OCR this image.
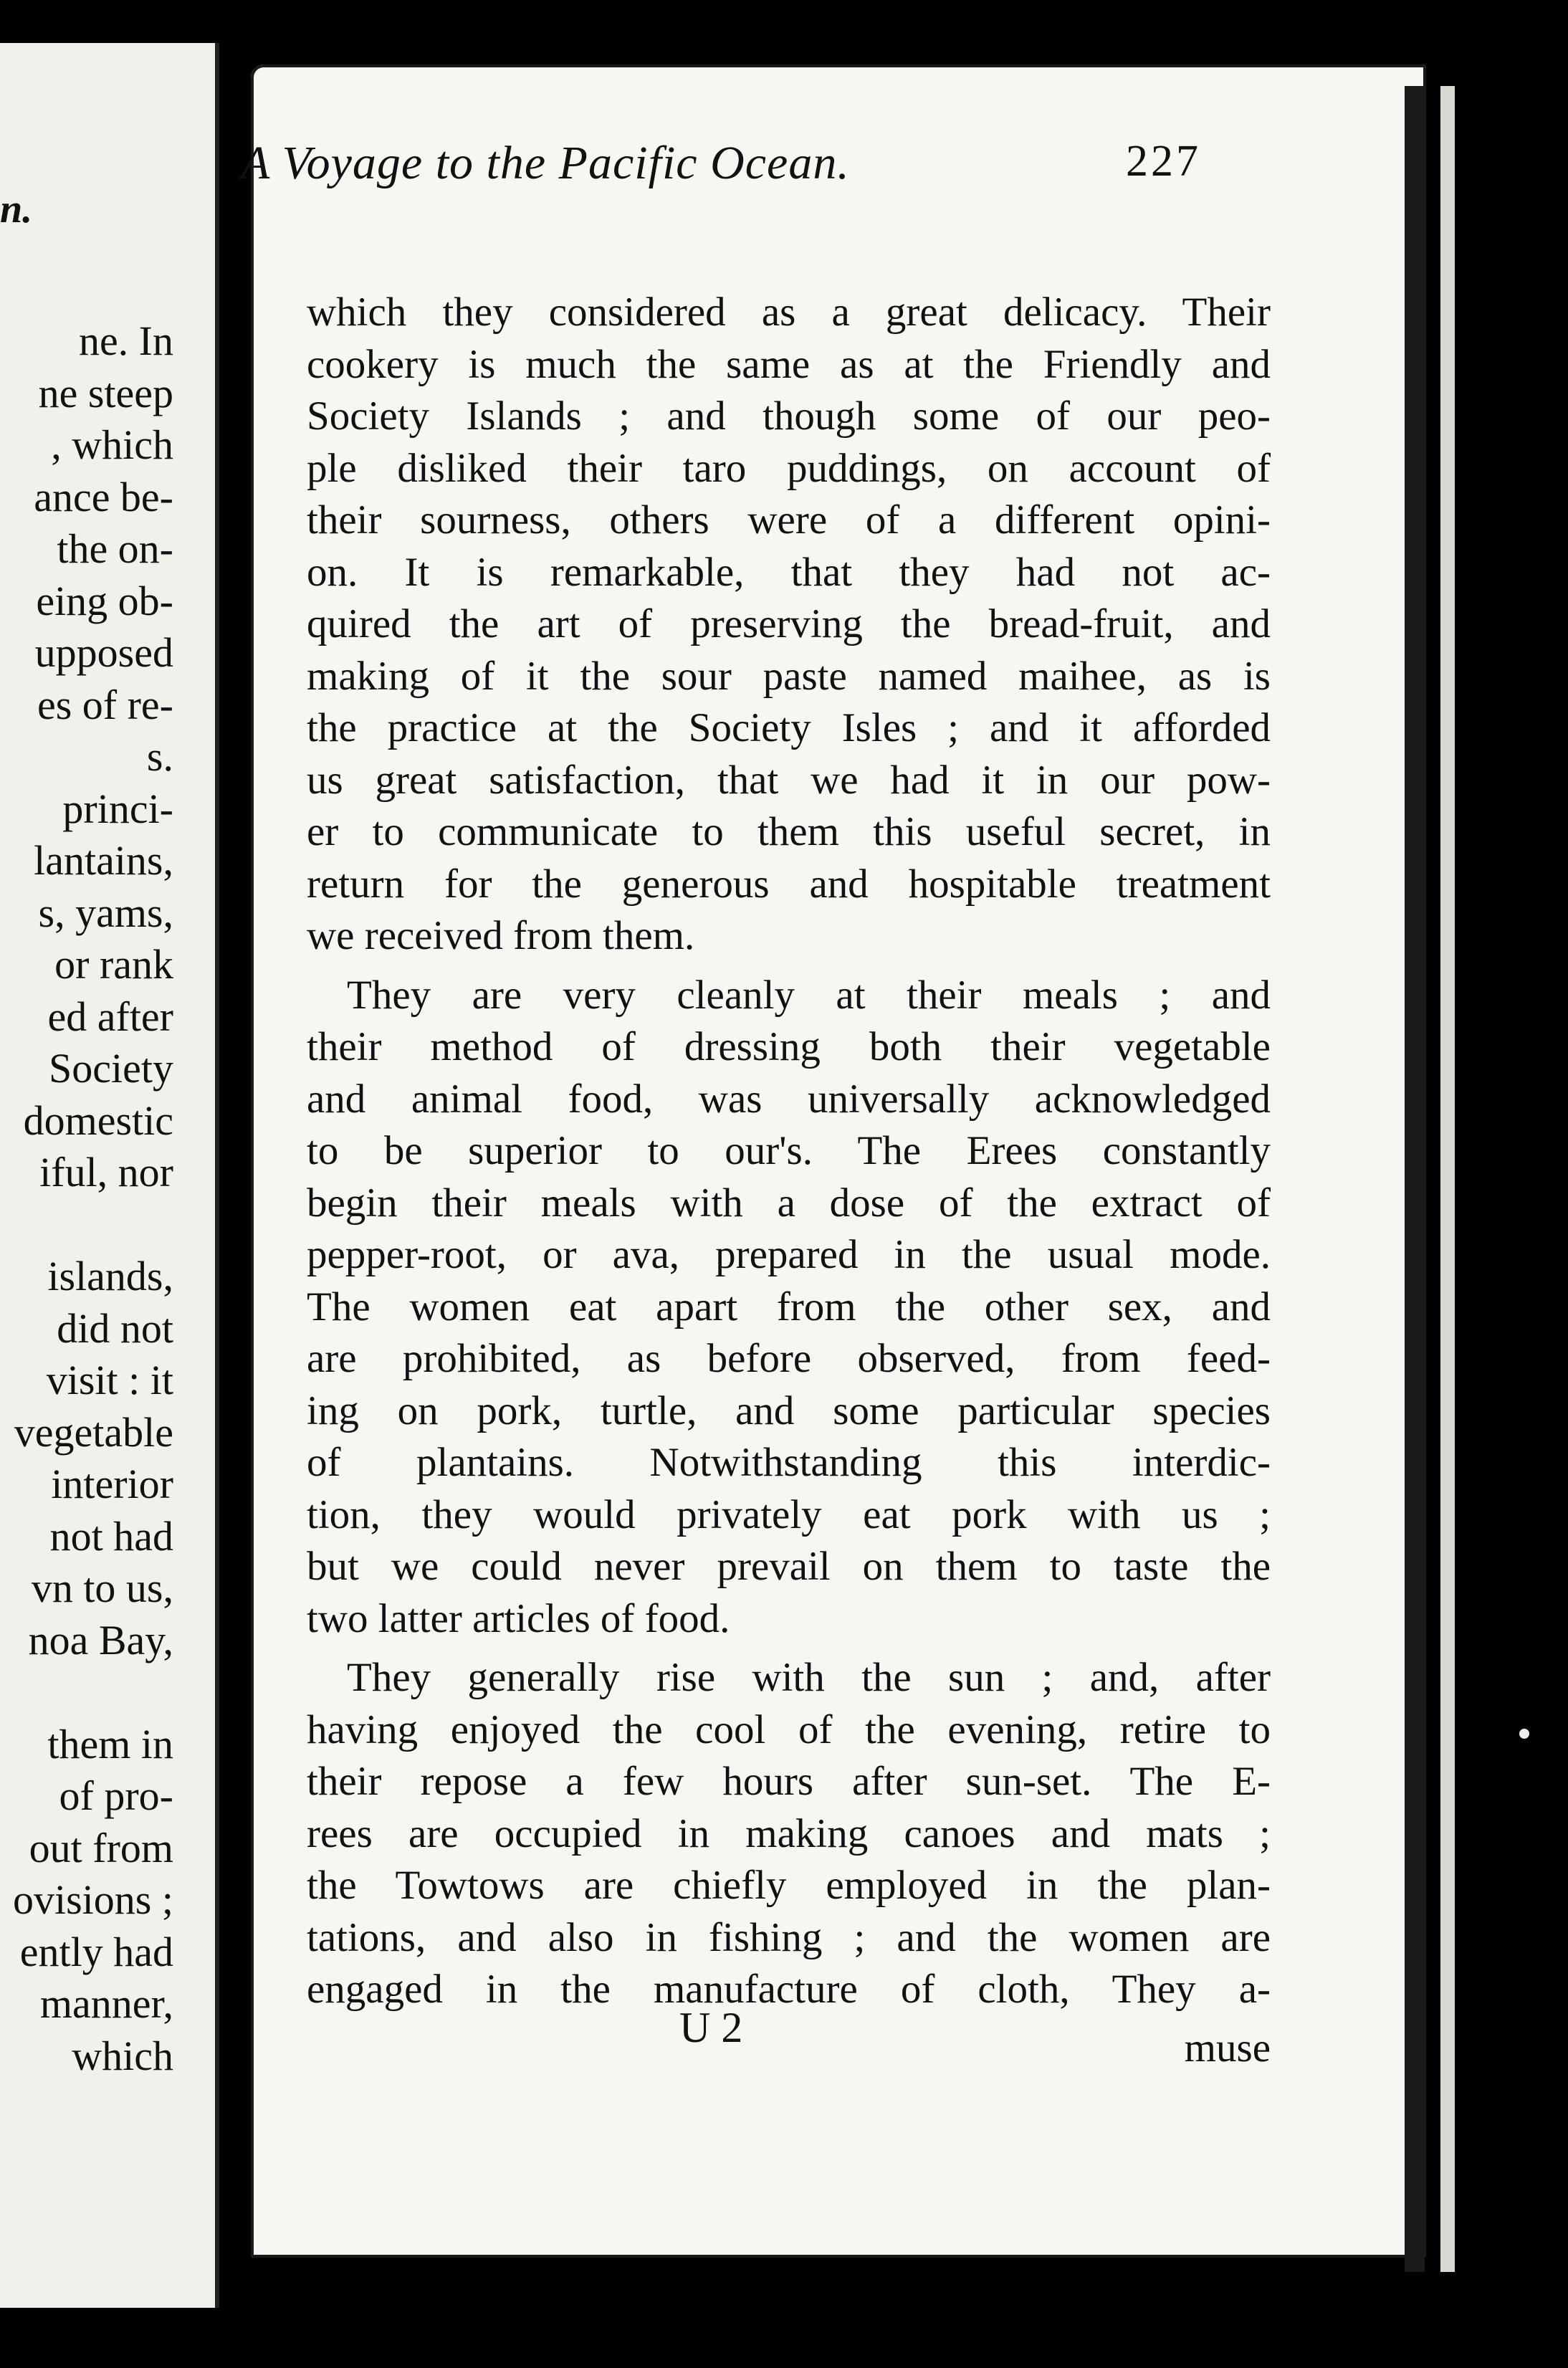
n.
ne. In
ne steep
, which
ance be-
the on-
eing ob-
upposed
es of re-
s.
princi-
lantains,
s, yams,
or rank
ed after
Society
domestic
iful, nor
islands,
did not
visit : it
vegetable
interior
not had
vn to us,
noa Bay,
them in
of pro-
out from
ovisions ;
ently had
manner,
which
A Voyage to the Pacific Ocean.	227
which they considered as a great delicacy. Their
cookery is much the same as at the Friendly and
Society Islands ; and though some of our peo-
ple disliked their taro puddings, on account of
their sourness, others were of a different opini-
on. It is remarkable, that they had not ac-
quired the art of preserving the bread-fruit, and
making of it the sour paste named maihee, as is
the practice at the Society Isles ; and it afforded
us great satisfaction, that we had it in our pow-
er to communicate to them this useful secret, in
return for the generous and hospitable treatment
we received from them.
They are very cleanly at their meals ; and
their method of dressing both their vegetable
and animal food, was universally acknowledged
to be superior to our's. The Erees constantly
begin their meals with a dose of the extract of
pepper-root, or ava, prepared in the usual mode.
The women eat apart from the other sex, and
are prohibited, as before observed, from feed-
ing on pork, turtle, and some particular species
of plantains. Notwithstanding this interdic-
tion, they would privately eat pork with us ;
but we could never prevail on them to taste the
two latter articles of food.
They generally rise with the sun ; and, after
having enjoyed the cool of the evening, retire to
their repose a few hours after sun-set. The E-
rees are occupied in making canoes and mats ;
the Towtows are chiefly employed in the plan-
tations, and also in fishing ; and the women are
engaged in the manufacture of cloth, They a-
U 2	muse
